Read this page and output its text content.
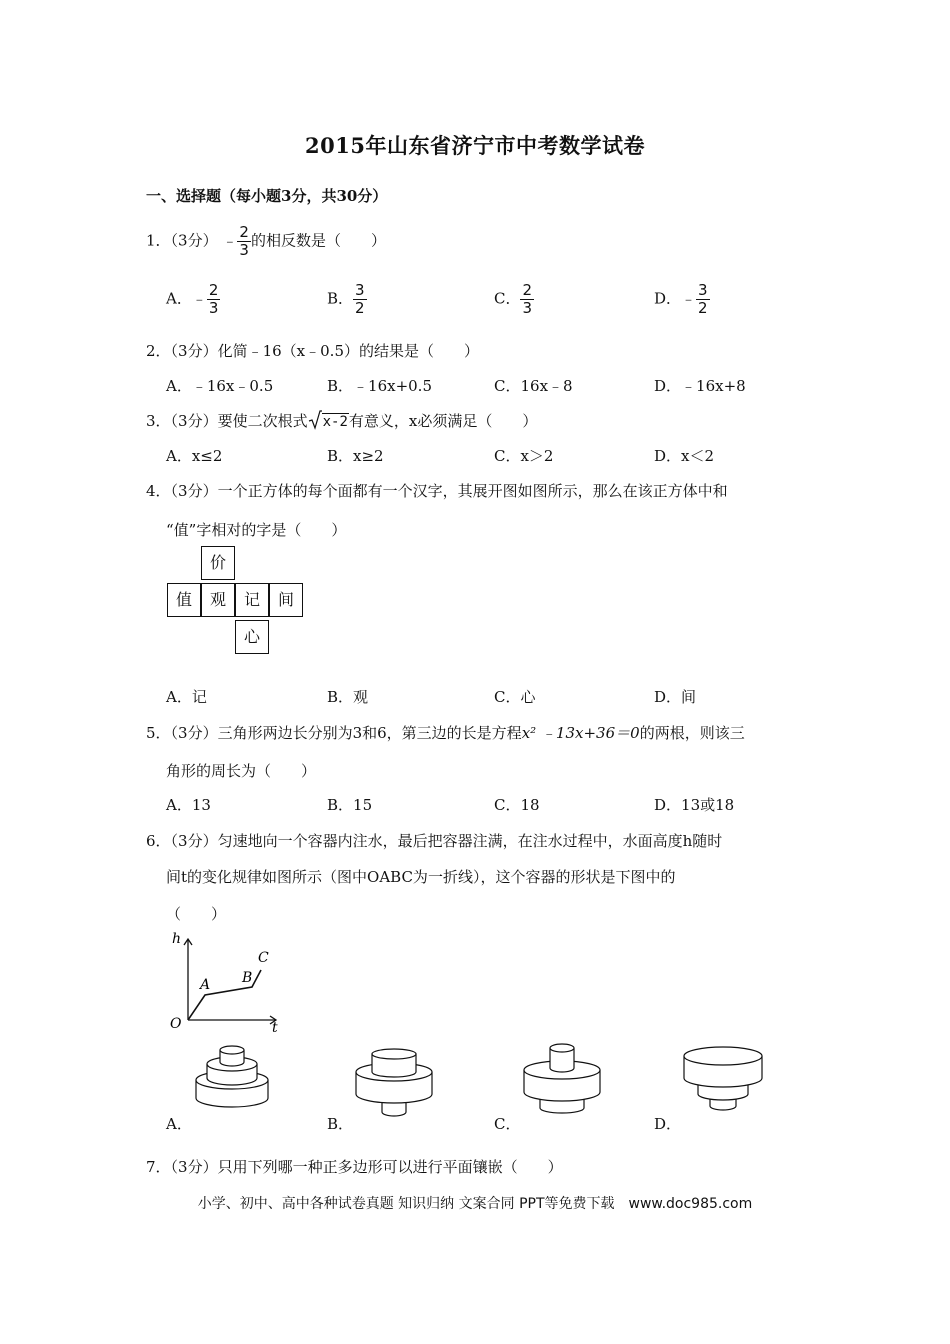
2015年山东省济宁市中考数学试卷
一、选择题（每小题3分，共30分）
1．（3分） ﹣ $\frac{2}{3}$ 的相反数是（　　）
A．﹣ $\frac{2}{3}$	B． $\frac{3}{2}$	C． $\frac{2}{3}$	D．﹣ $\frac{3}{2}$
2．（3分）化简﹣16（x﹣0.5）的结果是（　　）
A．﹣16x﹣0.5	B．﹣16x+0.5	C．16x﹣8	D．﹣16x+8
3．（3分）要使二次根式 x-2有意义，x必须满足（　　）
A．x≤2	B．x≥2	C．x＞2	D．x＜2
4．（3分）一个正方体的每个面都有一个汉字，其展开图如图所示，那么在该正方体中和
“值”字相对的字是（　　）
价
值	观	记	间
心
A．记	B．观	C．心	D．间
5．（3分）三角形两边长分别为3和6，第三边的长是方程x² ﹣13x+36＝0的两根，则该三
角形的周长为（　　）
A．13	B．15	C．18	D．13或18
6．（3分）匀速地向一个容器内注水，最后把容器注满，在注水过程中，水面高度h随时
间t的变化规律如图所示（图中OABC为一折线），这个容器的形状是下图中的
（　　）
h
t
O
A B
C
A．	B．	C．	D．
7．（3分）只用下列哪一种正多边形可以进行平面镶嵌（　　）
小学、初中、高中各种试卷真题 知识归纳 文案合同 PPT等免费下载　www.doc985.com
